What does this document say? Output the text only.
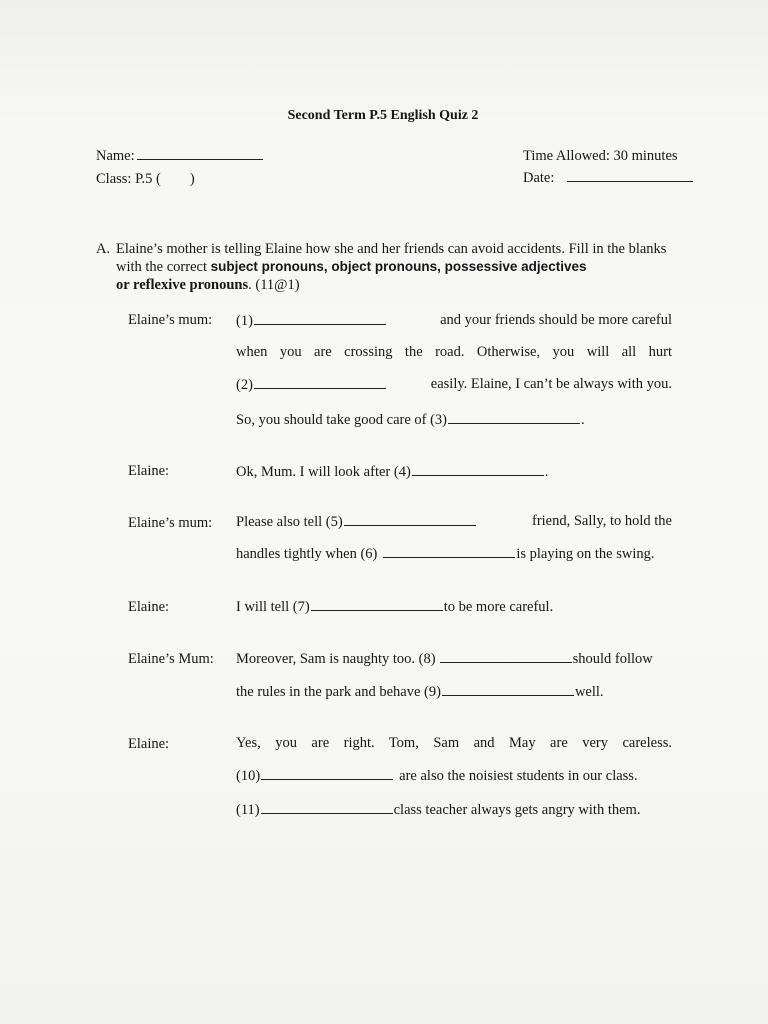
Second Term P.5 English Quiz 2
Name:
Class: P.5 (        )
Time Allowed: 30 minutes
Date:
A. Elaine’s mother is telling Elaine how she and her friends can avoid accidents. Fill in the blanks with the correct subject pronouns, object pronouns, possessive adjectives
or reflexive pronouns. (11@1)
Elaine’s mum: (1)	and your friends should be more careful
when you are crossing the road. Otherwise, you will all hurt
(2)	easily. Elaine, I can’t be always with you.
So, you should take good care of (3)	.
Elaine:	Ok, Mum. I will look after (4)	.
Elaine’s mum: Please also tell (5)	friend, Sally, to hold the
handles tightly when (6)	is playing on the swing.
Elaine:	I will tell (7)	to be more careful.
Elaine’s Mum: Moreover, Sam is naughty too. (8)	should follow
the rules in the park and behave (9)	well.
Elaine:	Yes, you are right. Tom, Sam and May are very careless.
(10)	are also the noisiest students in our class.
(11)	class teacher always gets angry with them.
